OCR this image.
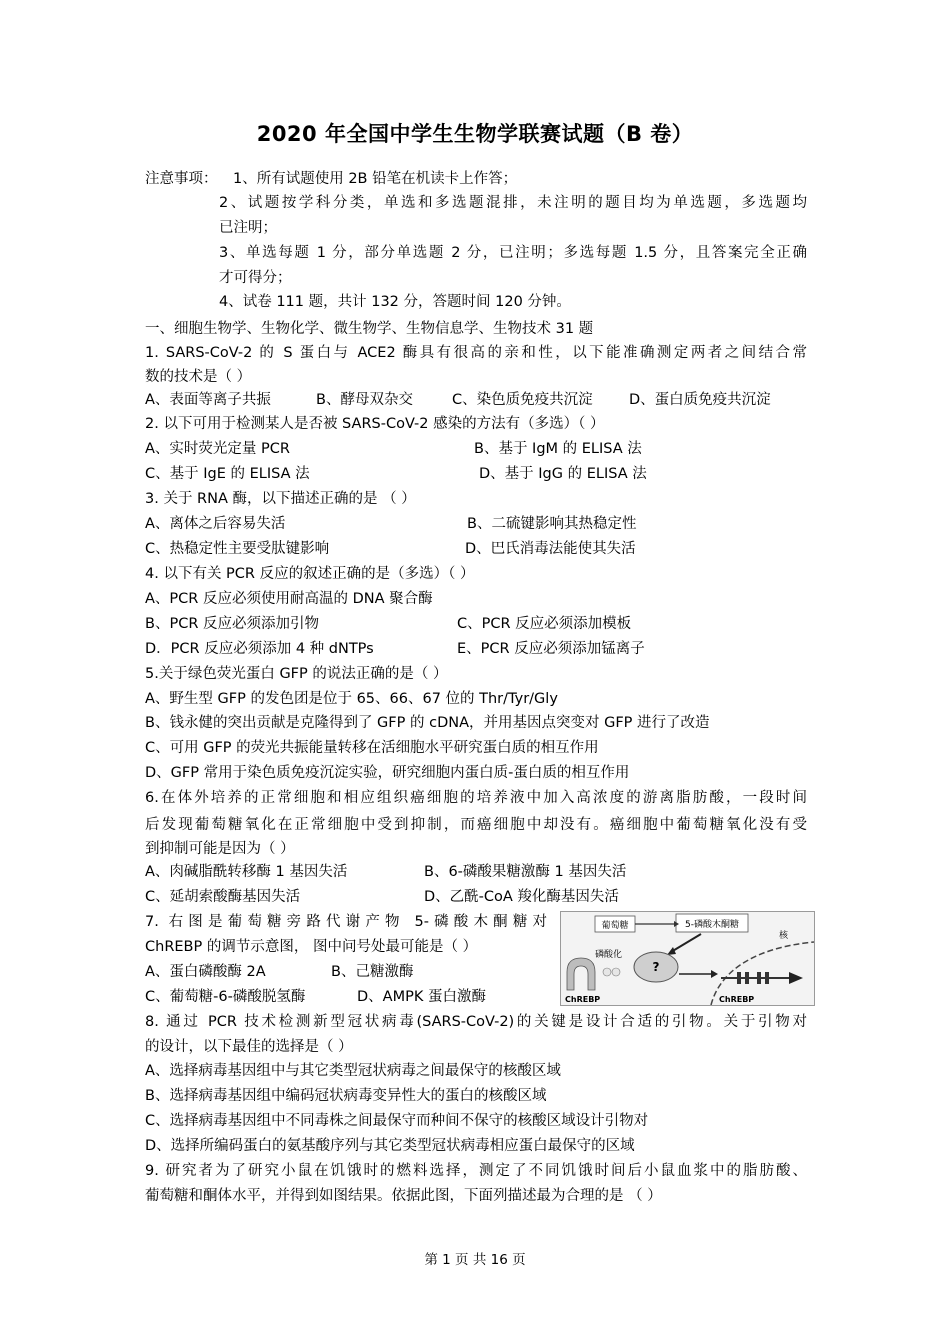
2020 年全国中学生生物学联赛试题（B 卷）
注意事项： 1、所有试题使用 2B 铅笔在机读卡上作答；
2、试题按学科分类，单选和多选题混排，未注明的题目均为单选题，多选题均
已注明；
3、单选每题 1 分，部分单选题 2 分，已注明；多选每题 1.5 分，且答案完全正确
才可得分；
4、试卷 111 题，共计 132 分，答题时间 120 分钟。
一、细胞生物学、生物化学、微生物学、生物信息学、生物技术 31 题
1. SARS-CoV-2 的 S 蛋白与 ACE2 酶具有很高的亲和性，以下能准确测定两者之间结合常
数的技术是（ ）
A、表面等离子共振	B、酵母双杂交	C、染色质免疫共沉淀	D、蛋白质免疫共沉淀
2. 以下可用于检测某人是否被 SARS-CoV-2 感染的方法有（多选）（ ）
A、实时荧光定量 PCR	B、基于 IgM 的 ELISA 法
C、基于 IgE 的 ELISA 法	D、基于 IgG 的 ELISA 法
3. 关于 RNA 酶，以下描述正确的是 （ ）
A、离体之后容易失活	B、二硫键影响其热稳定性
C、热稳定性主要受肽键影响	D、巴氏消毒法能使其失活
4. 以下有关 PCR 反应的叙述正确的是（多选）（ ）
A、PCR 反应必须使用耐高温的 DNA 聚合酶
B、PCR 反应必须添加引物	C、PCR 反应必须添加模板
D．PCR 反应必须添加 4 种 dNTPs	E、PCR 反应必须添加锰离子
5.关于绿色荧光蛋白 GFP 的说法正确的是（ ）
A、野生型 GFP 的发色团是位于 65、66、67 位的 Thr/Tyr/Gly
B、钱永健的突出贡献是克隆得到了 GFP 的 cDNA，并用基因点突变对 GFP 进行了改造
C、可用 GFP 的荧光共振能量转移在活细胞水平研究蛋白质的相互作用
D、GFP 常用于染色质免疫沉淀实验，研究细胞内蛋白质-蛋白质的相互作用
6.在体外培养的正常细胞和相应组织癌细胞的培养液中加入高浓度的游离脂肪酸，一段时间
后发现葡萄糖氧化在正常细胞中受到抑制，而癌细胞中却没有。癌细胞中葡萄糖氧化没有受
到抑制可能是因为（ ）
A、肉碱脂酰转移酶 1 基因失活	B、6-磷酸果糖激酶 1 基因失活
C、延胡索酸酶基因失活	D、乙酰-CoA 羧化酶基因失活
7. 右图是葡萄糖旁路代谢产物 5-磷酸木酮糖对
ChREBP 的调节示意图， 图中问号处最可能是（ ）
A、蛋白磷酸酶 2A	B、己糖激酶
C、葡萄糖-6-磷酸脱氢酶	D、AMPK 蛋白激酶
葡萄糖	5-磷酸木酮糖
核
磷酸化
?
ChREBP	ChREBP
8. 通过 PCR 技术检测新型冠状病毒(SARS-CoV-2)的关键是设计合适的引物。关于引物对
的设计，以下最佳的选择是（ ）
A、选择病毒基因组中与其它类型冠状病毒之间最保守的核酸区域
B、选择病毒基因组中编码冠状病毒变异性大的蛋白的核酸区域
C、选择病毒基因组中不同毒株之间最保守而种间不保守的核酸区域设计引物对
D、选择所编码蛋白的氨基酸序列与其它类型冠状病毒相应蛋白最保守的区域
9. 研究者为了研究小鼠在饥饿时的燃料选择，测定了不同饥饿时间后小鼠血浆中的脂肪酸、
葡萄糖和酮体水平，并得到如图结果。依据此图，下面列描述最为合理的是 （ ）
第 1 页 共 16 页
